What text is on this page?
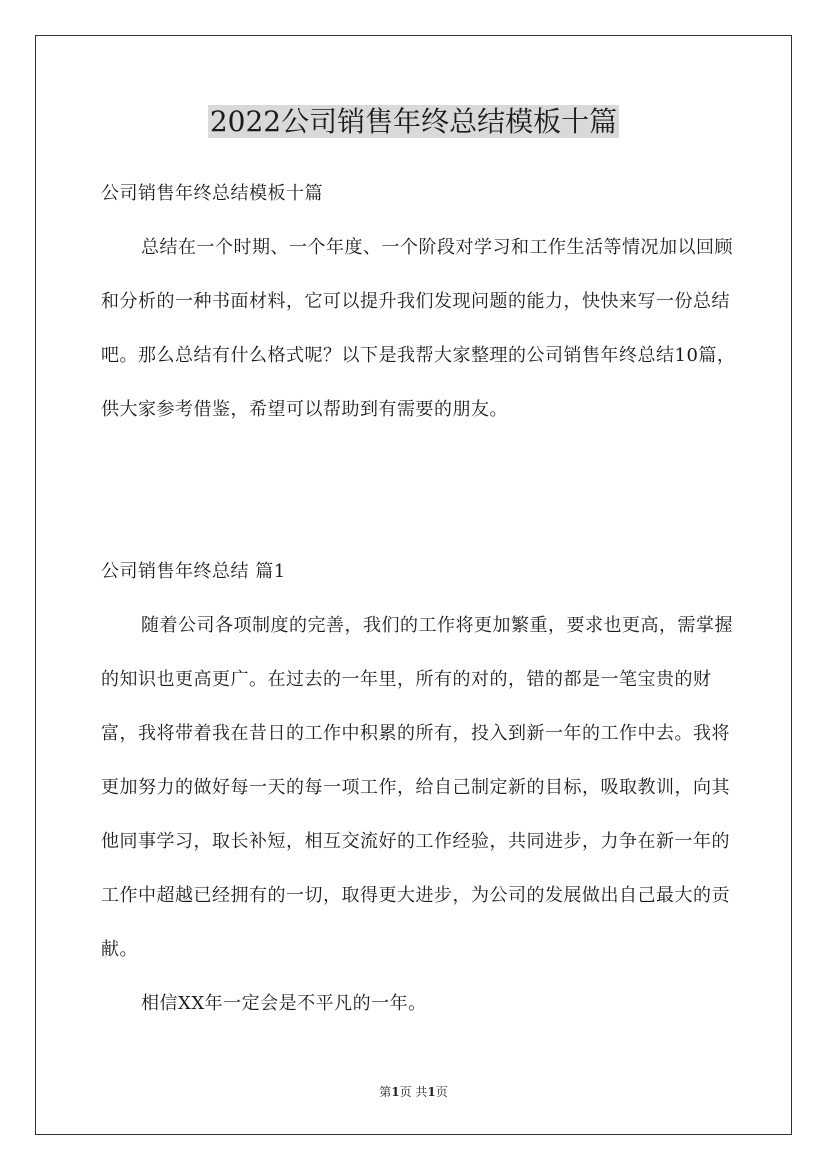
2022公司销售年终总结模板十篇

公司销售年终总结模板十篇

总结在一个时期、一个年度、一个阶段对学习和工作生活等情况加以回顾和分析的一种书面材料，它可以提升我们发现问题的能力，快快来写一份总结吧。那么总结有什么格式呢？以下是我帮大家整理的公司销售年终总结10篇，供大家参考借鉴，希望可以帮助到有需要的朋友。

公司销售年终总结 篇1

随着公司各项制度的完善，我们的工作将更加繁重，要求也更高，需掌握的知识也更高更广。在过去的一年里，所有的对的，错的都是一笔宝贵的财富，我将带着我在昔日的工作中积累的所有，投入到新一年的工作中去。我将更加努力的做好每一天的每一项工作，给自己制定新的目标，吸取教训，向其他同事学习，取长补短，相互交流好的工作经验，共同进步，力争在新一年的工作中超越已经拥有的一切，取得更大进步，为公司的发展做出自己最大的贡献。

相信XX年一定会是不平凡的一年。

第1页 共1页
